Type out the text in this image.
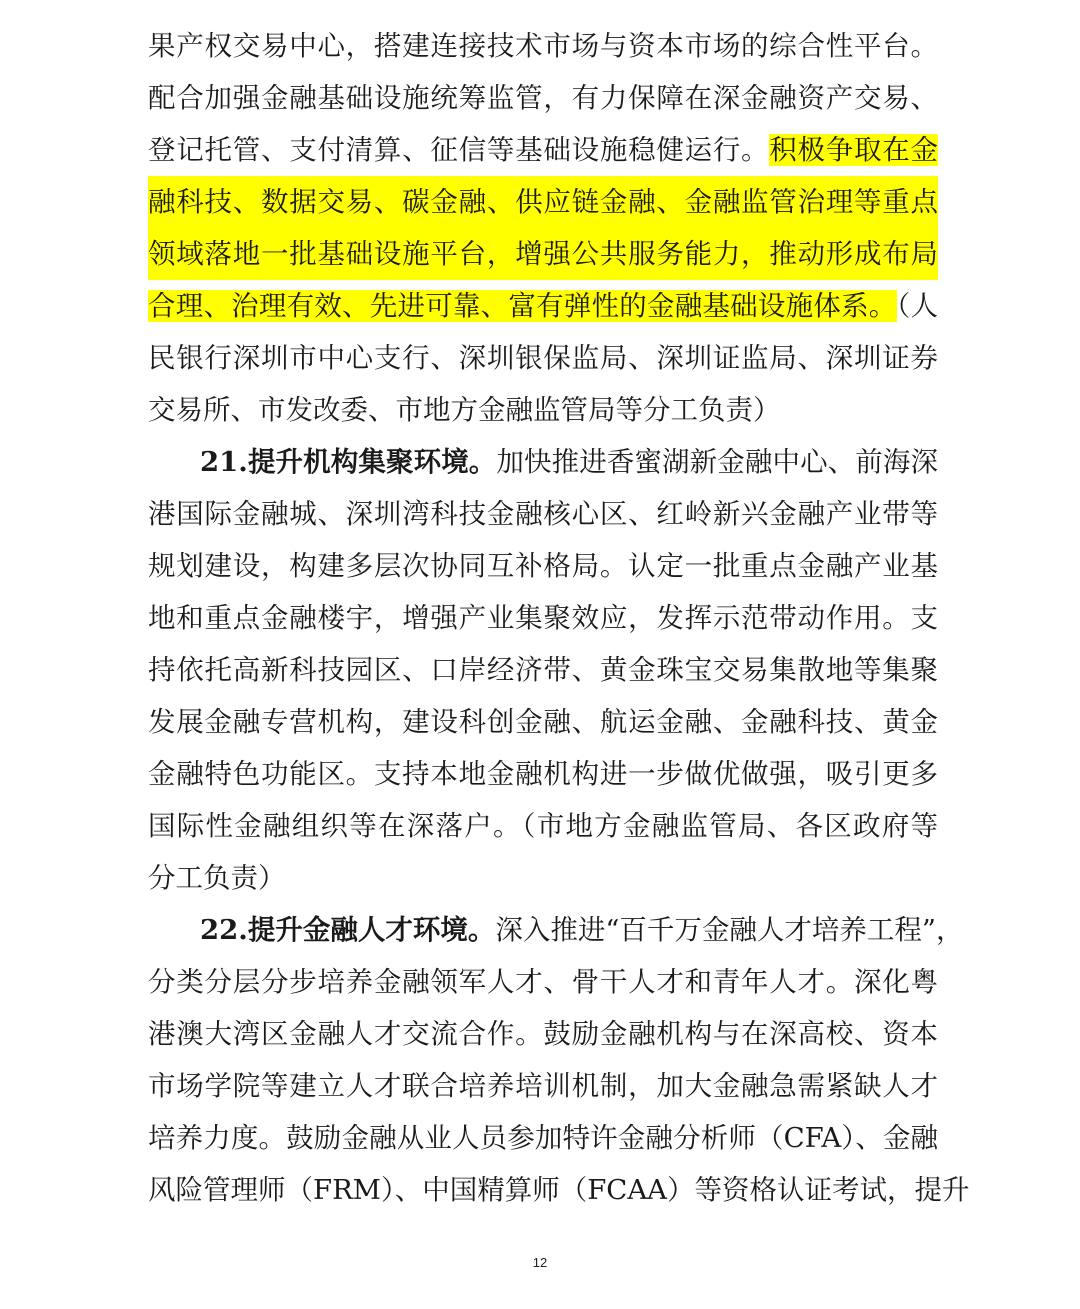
果产权交易中心，搭建连接技术市场与资本市场的综合性平台。
配合加强金融基础设施统筹监管，有力保障在深金融资产交易、
登记托管、支付清算、征信等基础设施稳健运行。积极争取在金
融科技、数据交易、碳金融、供应链金融、金融监管治理等重点
领域落地一批基础设施平台，增强公共服务能力，推动形成布局
合理、治理有效、先进可靠、富有弹性的金融基础设施体系。（人
民银行深圳市中心支行、深圳银保监局、深圳证监局、深圳证券
交易所、市发改委、市地方金融监管局等分工负责）
21.提升机构集聚环境。加快推进香蜜湖新金融中心、前海深
港国际金融城、深圳湾科技金融核心区、红岭新兴金融产业带等
规划建设，构建多层次协同互补格局。认定一批重点金融产业基
地和重点金融楼宇，增强产业集聚效应，发挥示范带动作用。支
持依托高新科技园区、口岸经济带、黄金珠宝交易集散地等集聚
发展金融专营机构，建设科创金融、航运金融、金融科技、黄金
金融特色功能区。支持本地金融机构进一步做优做强，吸引更多
国际性金融组织等在深落户。（市地方金融监管局、各区政府等
分工负责）
22.提升金融人才环境。深入推进“百千万金融人才培养工程”，
分类分层分步培养金融领军人才、骨干人才和青年人才。深化粤
港澳大湾区金融人才交流合作。鼓励金融机构与在深高校、资本
市场学院等建立人才联合培养培训机制，加大金融急需紧缺人才
培养力度。鼓励金融从业人员参加特许金融分析师（CFA）、金融
风险管理师（FRM）、中国精算师（FCAA）等资格认证考试，提升
12
